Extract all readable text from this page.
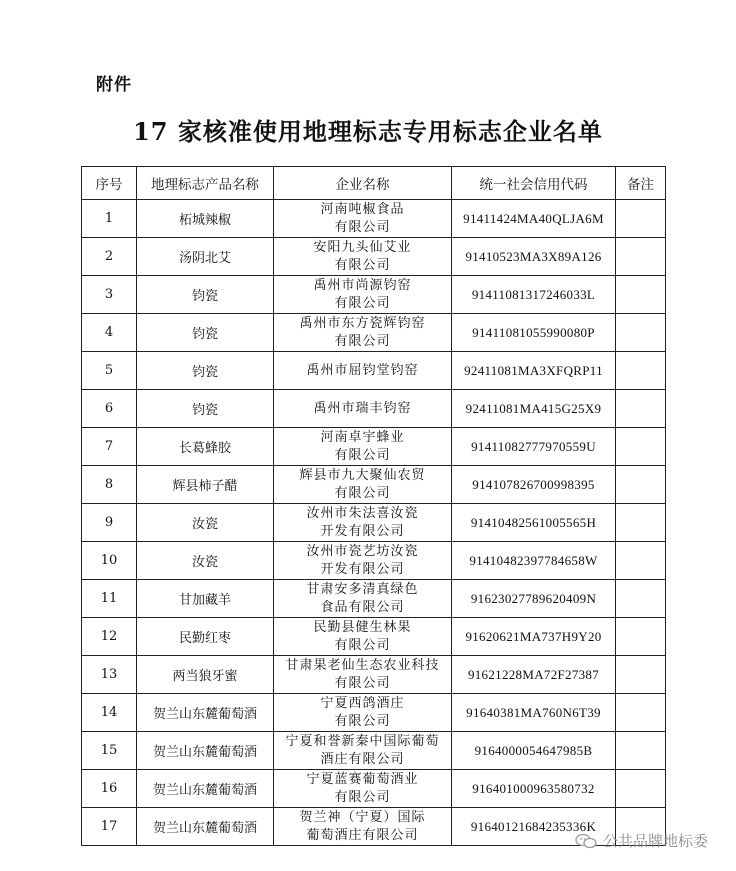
附件
17 家核准使用地理标志专用标志企业名单
序号	地理标志产品名称	企业名称	统一社会信用代码	备注
1	柘城辣椒	河南吨椒食品
有限公司	91411424MA40QLJA6M	
2	汤阴北艾	安阳九头仙艾业
有限公司	91410523MA3X89A126	
3	钧瓷	禹州市尚源钧窑
有限公司	91411081317246033L	
4	钧瓷	禹州市东方瓷辉钧窑
有限公司	91411081055990080P	
5	钧瓷	禹州市屈钧堂钧窑	92411081MA3XFQRP11	
6	钧瓷	禹州市瑞丰钧窑	92411081MA415G25X9	
7	长葛蜂胶	河南卓宇蜂业
有限公司	91411082777970559U	
8	辉县柿子醋	辉县市九大聚仙农贸
有限公司	914107826700998395	
9	汝瓷	汝州市朱法喜汝瓷
开发有限公司	91410482561005565H	
10	汝瓷	汝州市瓷艺坊汝瓷
开发有限公司	91410482397784658W	
11	甘加藏羊	甘肃安多清真绿色
食品有限公司	91623027789620409N	
12	民勤红枣	民勤县健生林果
有限公司	91620621MA737H9Y20	
13	两当狼牙蜜	甘肃果老仙生态农业科技
有限公司	91621228MA72F27387	
14	贺兰山东麓葡萄酒	宁夏西鸽酒庄
有限公司	91640381MA760N6T39	
15	贺兰山东麓葡萄酒	宁夏和誉新秦中国际葡萄
酒庄有限公司	9164000054647985B	
16	贺兰山东麓葡萄酒	宁夏蓝赛葡萄酒业
有限公司	916401000963580732	
17	贺兰山东麓葡萄酒	贺兰神（宁夏）国际
葡萄酒庄有限公司	91640121684235336K	
公共品牌地标委
